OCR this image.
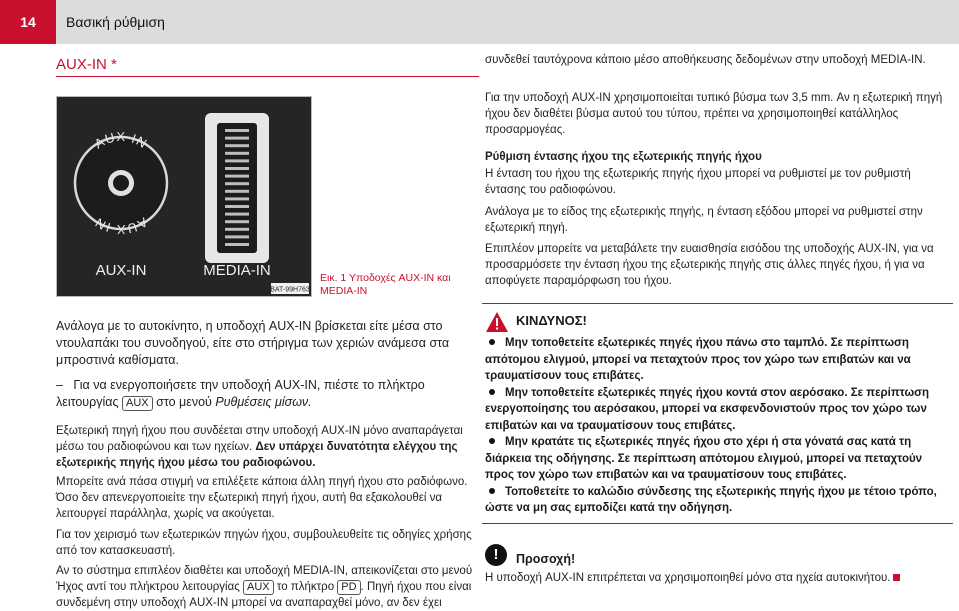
14	Βασική ρύθμιση
AUX-IN *
AUX IN
AUX IN
AUX-IN	MEDIA-IN
BAT-99H763
Εικ. 1 Υποδοχές AUX-IN και MEDIA-IN

Ανάλογα με το αυτοκίνητο, η υποδοχή AUX-IN βρίσκεται είτε μέσα στο ντουλαπάκι του συνοδηγού, είτε στο στήριγμα των χεριών ανάμεσα στα μπροστινά καθίσματα.

– Για να ενεργοποιήσετε την υποδοχή AUX-IN, πιέστε το πλήκτρο λειτουργίας AUX στο μενού Ρυθμέσεις μίσων.

Εξωτερική πηγή ήχου που συνδέεται στην υποδοχή AUX-IN μόνο αναπαράγεται μέσω του ραδιοφώνου και των ηχείων. Δεν υπάρχει δυνατότητα ελέγχου της εξωτερικής πηγής ήχου μέσω του ραδιοφώνου.

Μπορείτε ανά πάσα στιγμή να επιλέξετε κάποια άλλη πηγή ήχου στο ραδιόφωνο. Όσο δεν απενεργοποιείτε την εξωτερική πηγή ήχου, αυτή θα εξακολουθεί να λειτουργεί παράλληλα, χωρίς να ακούγεται.

Για τον χειρισμό των εξωτερικών πηγών ήχου, συμβουλευθείτε τις οδηγίες χρήσης από τον κατασκευαστή.

Αν το σύστημα επιπλέον διαθέτει και υποδοχή MEDIA-IN, απεικονίζεται στο μενού Ήχος αντί του πλήκτρου λειτουργίας AUX το πλήκτρο PD . Πηγή ήχου που είναι συνδεμένη στην υποδοχή AUX-IN μπορεί να αναπαραχθεί μόνο, αν δεν έχει

συνδεθεί ταυτόχρονα κάποιο μέσο αποθήκευσης δεδομένων στην υποδοχή MEDIA-IN.

Για την υποδοχή AUX-IN χρησιμοποιείται τυπικό βύσμα των 3,5 mm. Αν η εξωτερική πηγή ήχου δεν διαθέτει βύσμα αυτού του τύπου, πρέπει να χρησιμοποιηθεί κατάλληλος προσαρμογέας.

Ρύθμιση έντασης ήχου της εξωτερικής πηγής ήχου

Η ένταση του ήχου της εξωτερικής πηγής ήχου μπορεί να ρυθμιστεί με τον ρυθμιστή έντασης του ραδιοφώνου.

Ανάλογα με το είδος της εξωτερικής πηγής, η ένταση εξόδου μπορεί να ρυθμιστεί στην εξωτερική πηγή.

Επιπλέον μπορείτε να μεταβάλετε την ευαισθησία εισόδου της υποδοχής AUX-IN, για να προσαρμόσετε την ένταση ήχου της εξωτερικής πηγής στις άλλες πηγές ήχου, ή για να αποφύγετε παραμόρφωση του ήχου.

ΚΙΝΔΥΝΟΣ!
Μην τοποθετείτε εξωτερικές πηγές ήχου πάνω στο ταμπλό. Σε περίπτωση απότομου ελιγμού, μπορεί να πεταχτούν προς τον χώρο των επιβατών και να τραυματίσουν τους επιβάτες.
Μην τοποθετείτε εξωτερικές πηγές ήχου κοντά στον αερόσακο. Σε περίπτωση ενεργοποίησης του αερόσακου, μπορεί να εκσφενδονιστούν προς τον χώρο των επιβατών και να τραυματίσουν τους επιβάτες.
Μην κρατάτε τις εξωτερικές πηγές ήχου στο χέρι ή στα γόνατά σας κατά τη διάρκεια της οδήγησης. Σε περίπτωση απότομου ελιγμού, μπορεί να πεταχτούν προς τον χώρο των επιβατών και να τραυματίσουν τους επιβάτες.
Τοποθετείτε το καλώδιο σύνδεσης της εξωτερικής πηγής ήχου με τέτοιο τρόπο, ώστε να μη σας εμποδίζει κατά την οδήγηση.
!	Προσοχή!
Η υποδοχή AUX-IN επιτρέπεται να χρησιμοποιηθεί μόνο στα ηχεία αυτοκινήτου.
